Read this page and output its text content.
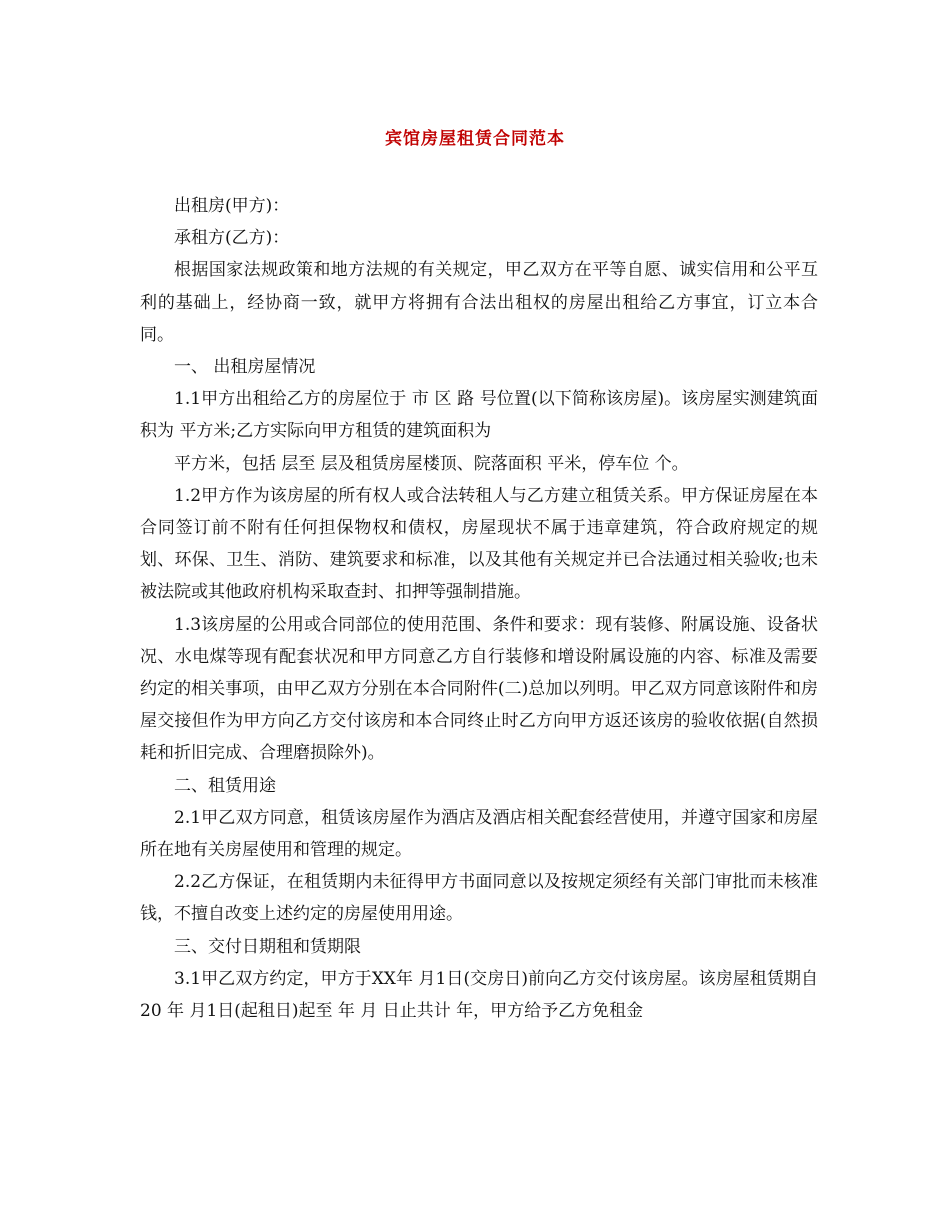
宾馆房屋租赁合同范本

出租房(甲方)：

承租方(乙方)：

根据国家法规政策和地方法规的有关规定，甲乙双方在平等自愿、诚实信用和公平互利的基础上，经协商一致，就甲方将拥有合法出租权的房屋出租给乙方事宜，订立本合同。

一、 出租房屋情况

1.1甲方出租给乙方的房屋位于 市 区 路 号位置(以下简称该房屋)。该房屋实测建筑面积为 平方米;乙方实际向甲方租赁的建筑面积为

平方米，包括 层至 层及租赁房屋楼顶、院落面积 平米，停车位 个。

1.2甲方作为该房屋的所有权人或合法转租人与乙方建立租赁关系。甲方保证房屋在本合同签订前不附有任何担保物权和债权，房屋现状不属于违章建筑，符合政府规定的规划、环保、卫生、消防、建筑要求和标准，以及其他有关规定并已合法通过相关验收;也未被法院或其他政府机构采取查封、扣押等强制措施。

1.3该房屋的公用或合同部位的使用范围、条件和要求：现有装修、附属设施、设备状况、水电煤等现有配套状况和甲方同意乙方自行装修和增设附属设施的内容、标准及需要约定的相关事项，由甲乙双方分别在本合同附件(二)总加以列明。甲乙双方同意该附件和房屋交接但作为甲方向乙方交付该房和本合同终止时乙方向甲方返还该房的验收依据(自然损耗和折旧完成、合理磨损除外)。

二、租赁用途

2.1甲乙双方同意，租赁该房屋作为酒店及酒店相关配套经营使用，并遵守国家和房屋所在地有关房屋使用和管理的规定。

2.2乙方保证，在租赁期内未征得甲方书面同意以及按规定须经有关部门审批而未核准钱，不擅自改变上述约定的房屋使用用途。

三、交付日期租和赁期限

3.1甲乙双方约定，甲方于XX年 月1日(交房日)前向乙方交付该房屋。该房屋租赁期自20 年 月1日(起租日)起至 年 月 日止共计 年，甲方给予乙方免租金
